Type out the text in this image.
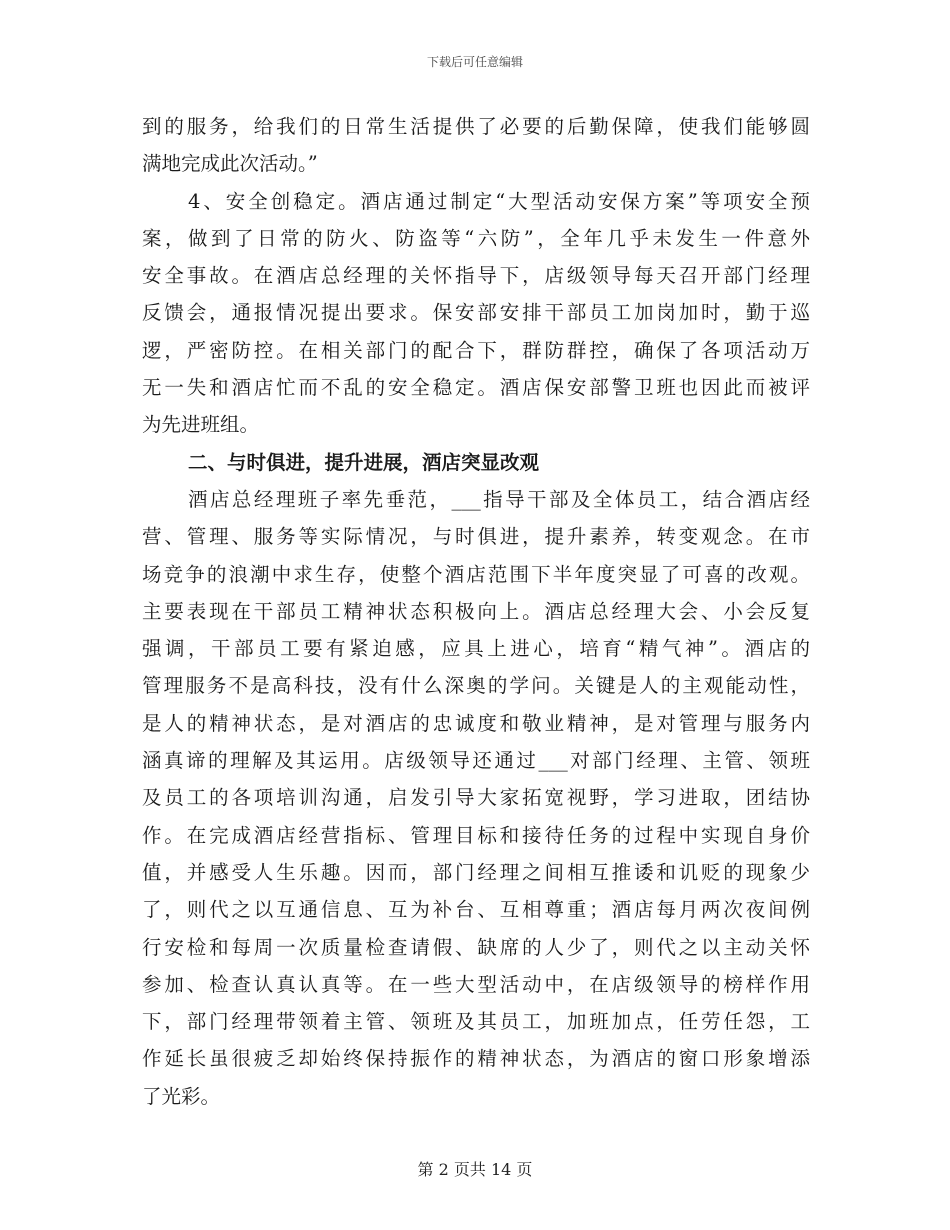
下载后可任意编辑
到的服务，给我们的日常生活提供了必要的后勤保障，使我们能够圆
满地完成此次活动。”
4、安全创稳定。酒店通过制定“大型活动安保方案”等项安全预
案，做到了日常的防火、防盗等“六防”，全年几乎未发生一件意外
安全事故。在酒店总经理的关怀指导下，店级领导每天召开部门经理
反馈会，通报情况提出要求。保安部安排干部员工加岗加时，勤于巡
逻，严密防控。在相关部门的配合下，群防群控，确保了各项活动万
无一失和酒店忙而不乱的安全稳定。酒店保安部警卫班也因此而被评
为先进班组。
二、与时俱进，提升进展，酒店突显改观
酒店总经理班子率先垂范，___指导干部及全体员工，结合酒店经
营、管理、服务等实际情况，与时俱进，提升素养，转变观念。在市
场竞争的浪潮中求生存，使整个酒店范围下半年度突显了可喜的改观。
主要表现在干部员工精神状态积极向上。酒店总经理大会、小会反复
强调，干部员工要有紧迫感，应具上进心，培育“精气神”。酒店的
管理服务不是高科技，没有什么深奥的学问。关键是人的主观能动性，
是人的精神状态，是对酒店的忠诚度和敬业精神，是对管理与服务内
涵真谛的理解及其运用。店级领导还通过___对部门经理、主管、领班
及员工的各项培训沟通，启发引导大家拓宽视野，学习进取，团结协
作。在完成酒店经营指标、管理目标和接待任务的过程中实现自身价
值，并感受人生乐趣。因而，部门经理之间相互推诿和讥贬的现象少
了，则代之以互通信息、互为补台、互相尊重；酒店每月两次夜间例
行安检和每周一次质量检查请假、缺席的人少了，则代之以主动关怀
参加、检查认真认真等。在一些大型活动中，在店级领导的榜样作用
下，部门经理带领着主管、领班及其员工，加班加点，任劳任怨，工
作延长虽很疲乏却始终保持振作的精神状态，为酒店的窗口形象增添
了光彩。
第 2 页共 14 页
